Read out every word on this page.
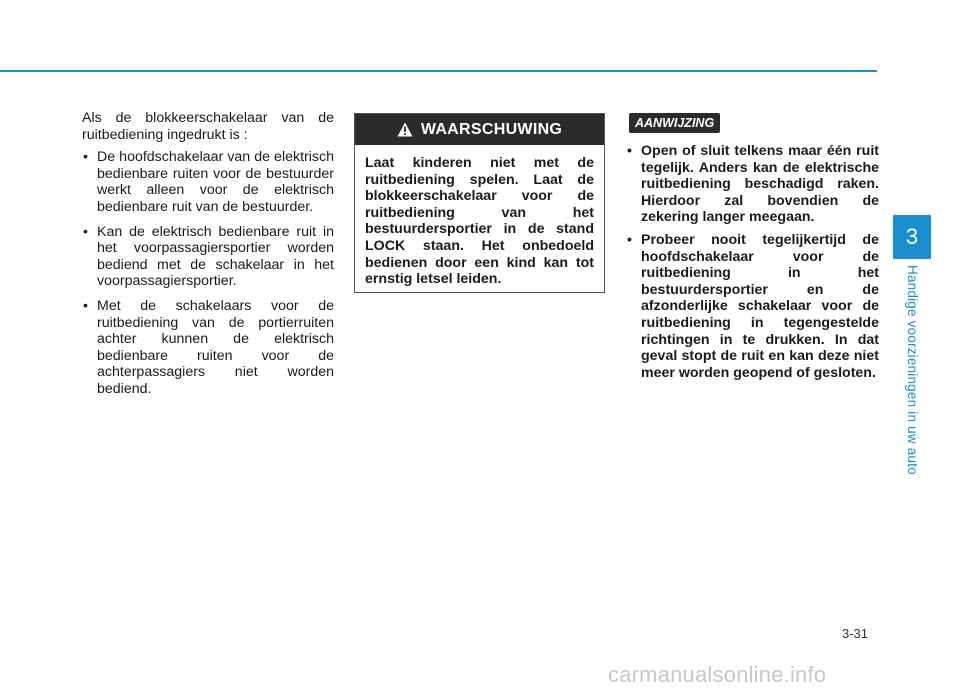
Als de blokkeerschakelaar van de ruitbediening ingedrukt is :

• De hoofdschakelaar van de elektrisch bedienbare ruiten voor de bestuurder werkt alleen voor de elektrisch bedienbare ruit van de bestuurder.
• Kan de elektrisch bedienbare ruit in het voorpassagiersportier worden bediend met de schakelaar in het voorpassagiersportier.
• Met de schakelaars voor de ruitbediening van de portierruiten achter kunnen de elektrisch bedienbare ruiten voor de achterpassagiers niet worden bediend.
WAARSCHUWING
Laat kinderen niet met de ruitbediening spelen. Laat de blokkeerschakelaar voor de ruitbediening van het bestuurdersportier in de stand LOCK staan. Het onbedoeld bedienen door een kind kan tot ernstig letsel leiden.
AANWIJZING
• Open of sluit telkens maar één ruit tegelijk. Anders kan de elektrische ruitbediening beschadigd raken. Hierdoor zal bovendien de zekering langer meegaan.
• Probeer nooit tegelijkertijd de hoofdschakelaar voor de ruitbediening in het bestuurdersportier en de afzonderlijke schakelaar voor de ruitbediening in tegengestelde richtingen in te drukken. In dat geval stopt de ruit en kan deze niet meer worden geopend of gesloten.
3
Handige voorzieningen in uw auto
3-31
carmanualsonline.info
